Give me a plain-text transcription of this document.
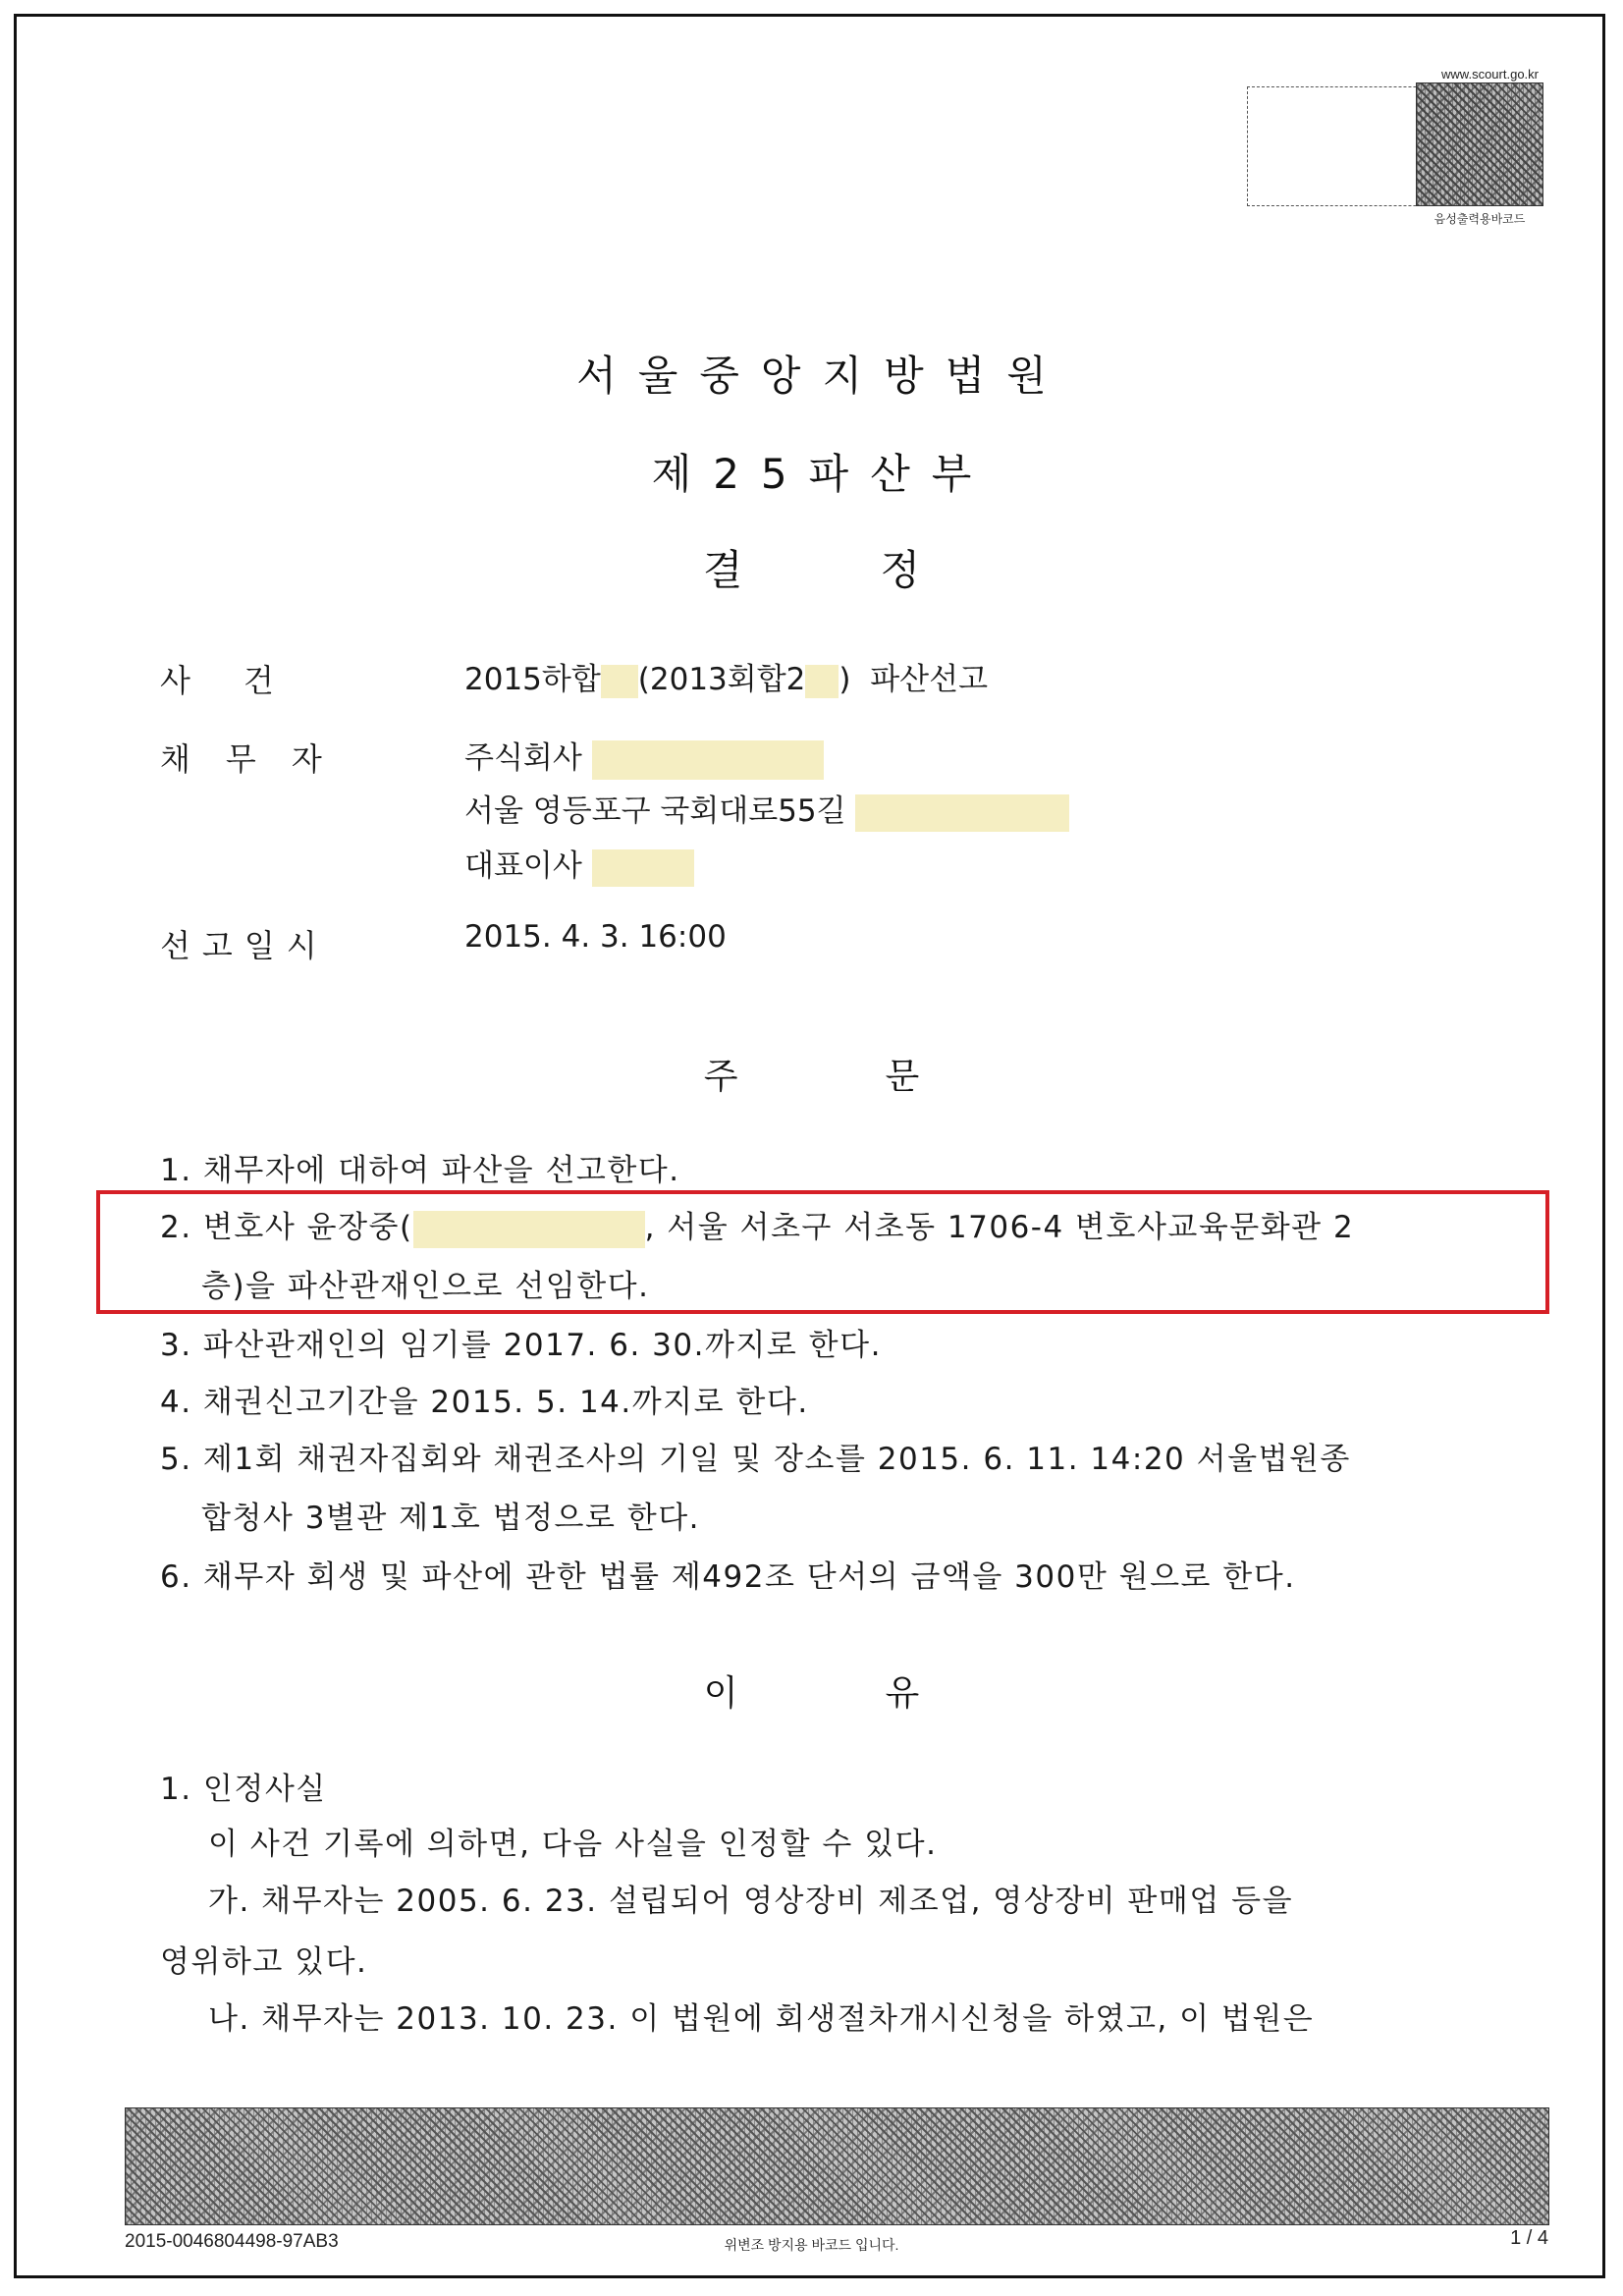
www.scourt.go.kr
음성출력용바코드
서울중앙지방법원
제25파산부
결	정
사건	2015하합 (2013회합2 ) 파산선고
채무자	주식회사
서울 영등포구 국회대로55길
대표이사
선고일시	2015. 4. 3. 16:00
주	문
1. 채무자에 대하여 파산을 선고한다.
2. 변호사 윤장중(	, 서울 서초구 서초동 1706-4 변호사교육문화관 2
층)을 파산관재인으로 선임한다.
3. 파산관재인의 임기를 2017. 6. 30.까지로 한다.
4. 채권신고기간을 2015. 5. 14.까지로 한다.
5. 제1회 채권자집회와 채권조사의 기일 및 장소를 2015. 6. 11. 14:20 서울법원종
합청사 3별관 제1호 법정으로 한다.
6. 채무자 회생 및 파산에 관한 법률 제492조 단서의 금액을 300만 원으로 한다.
이	유
1. 인정사실
이 사건 기록에 의하면, 다음 사실을 인정할 수 있다.
가. 채무자는 2005. 6. 23. 설립되어 영상장비 제조업, 영상장비 판매업 등을
영위하고 있다.
나. 채무자는 2013. 10. 23. 이 법원에 회생절차개시신청을 하였고, 이 법원은
2015-0046804498-97AB3	위변조 방지용 바코드 입니다.	1 / 4
